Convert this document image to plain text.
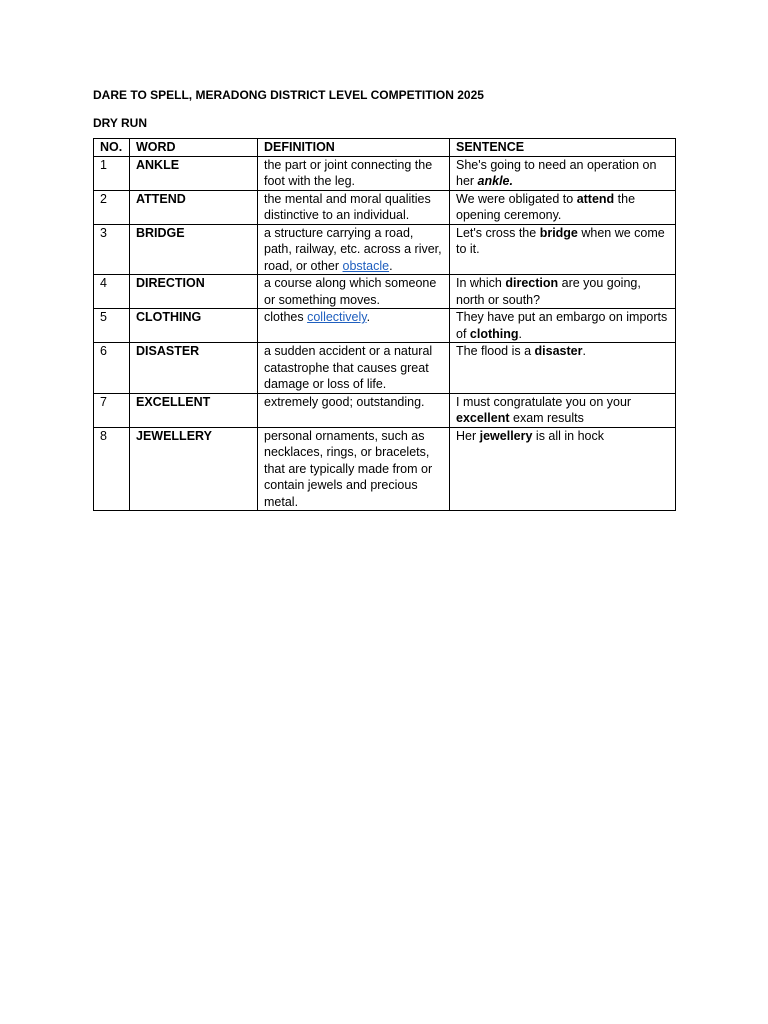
DARE TO SPELL, MERADONG DISTRICT LEVEL COMPETITION 2025

DRY RUN

NO.	WORD	DEFINITION	SENTENCE
1	ANKLE	the part or joint connecting the foot with the leg.	She's going to need an operation on her ankle.
2	ATTEND	the mental and moral qualities distinctive to an individual.	We were obligated to attend the opening ceremony.
3	BRIDGE	a structure carrying a road, path, railway, etc. across a river, road, or other obstacle.	Let's cross the bridge when we come to it.
4	DIRECTION	a course along which someone or something moves.	In which direction are you going, north or south?
5	CLOTHING	clothes collectively.	They have put an embargo on imports of clothing.
6	DISASTER	a sudden accident or a natural catastrophe that causes great damage or loss of life.	The flood is a disaster.
7	EXCELLENT	extremely good; outstanding.	I must congratulate you on your excellent exam results
8	JEWELLERY	personal ornaments, such as necklaces, rings, or bracelets, that are typically made from or contain jewels and precious metal.	Her jewellery is all in hock
